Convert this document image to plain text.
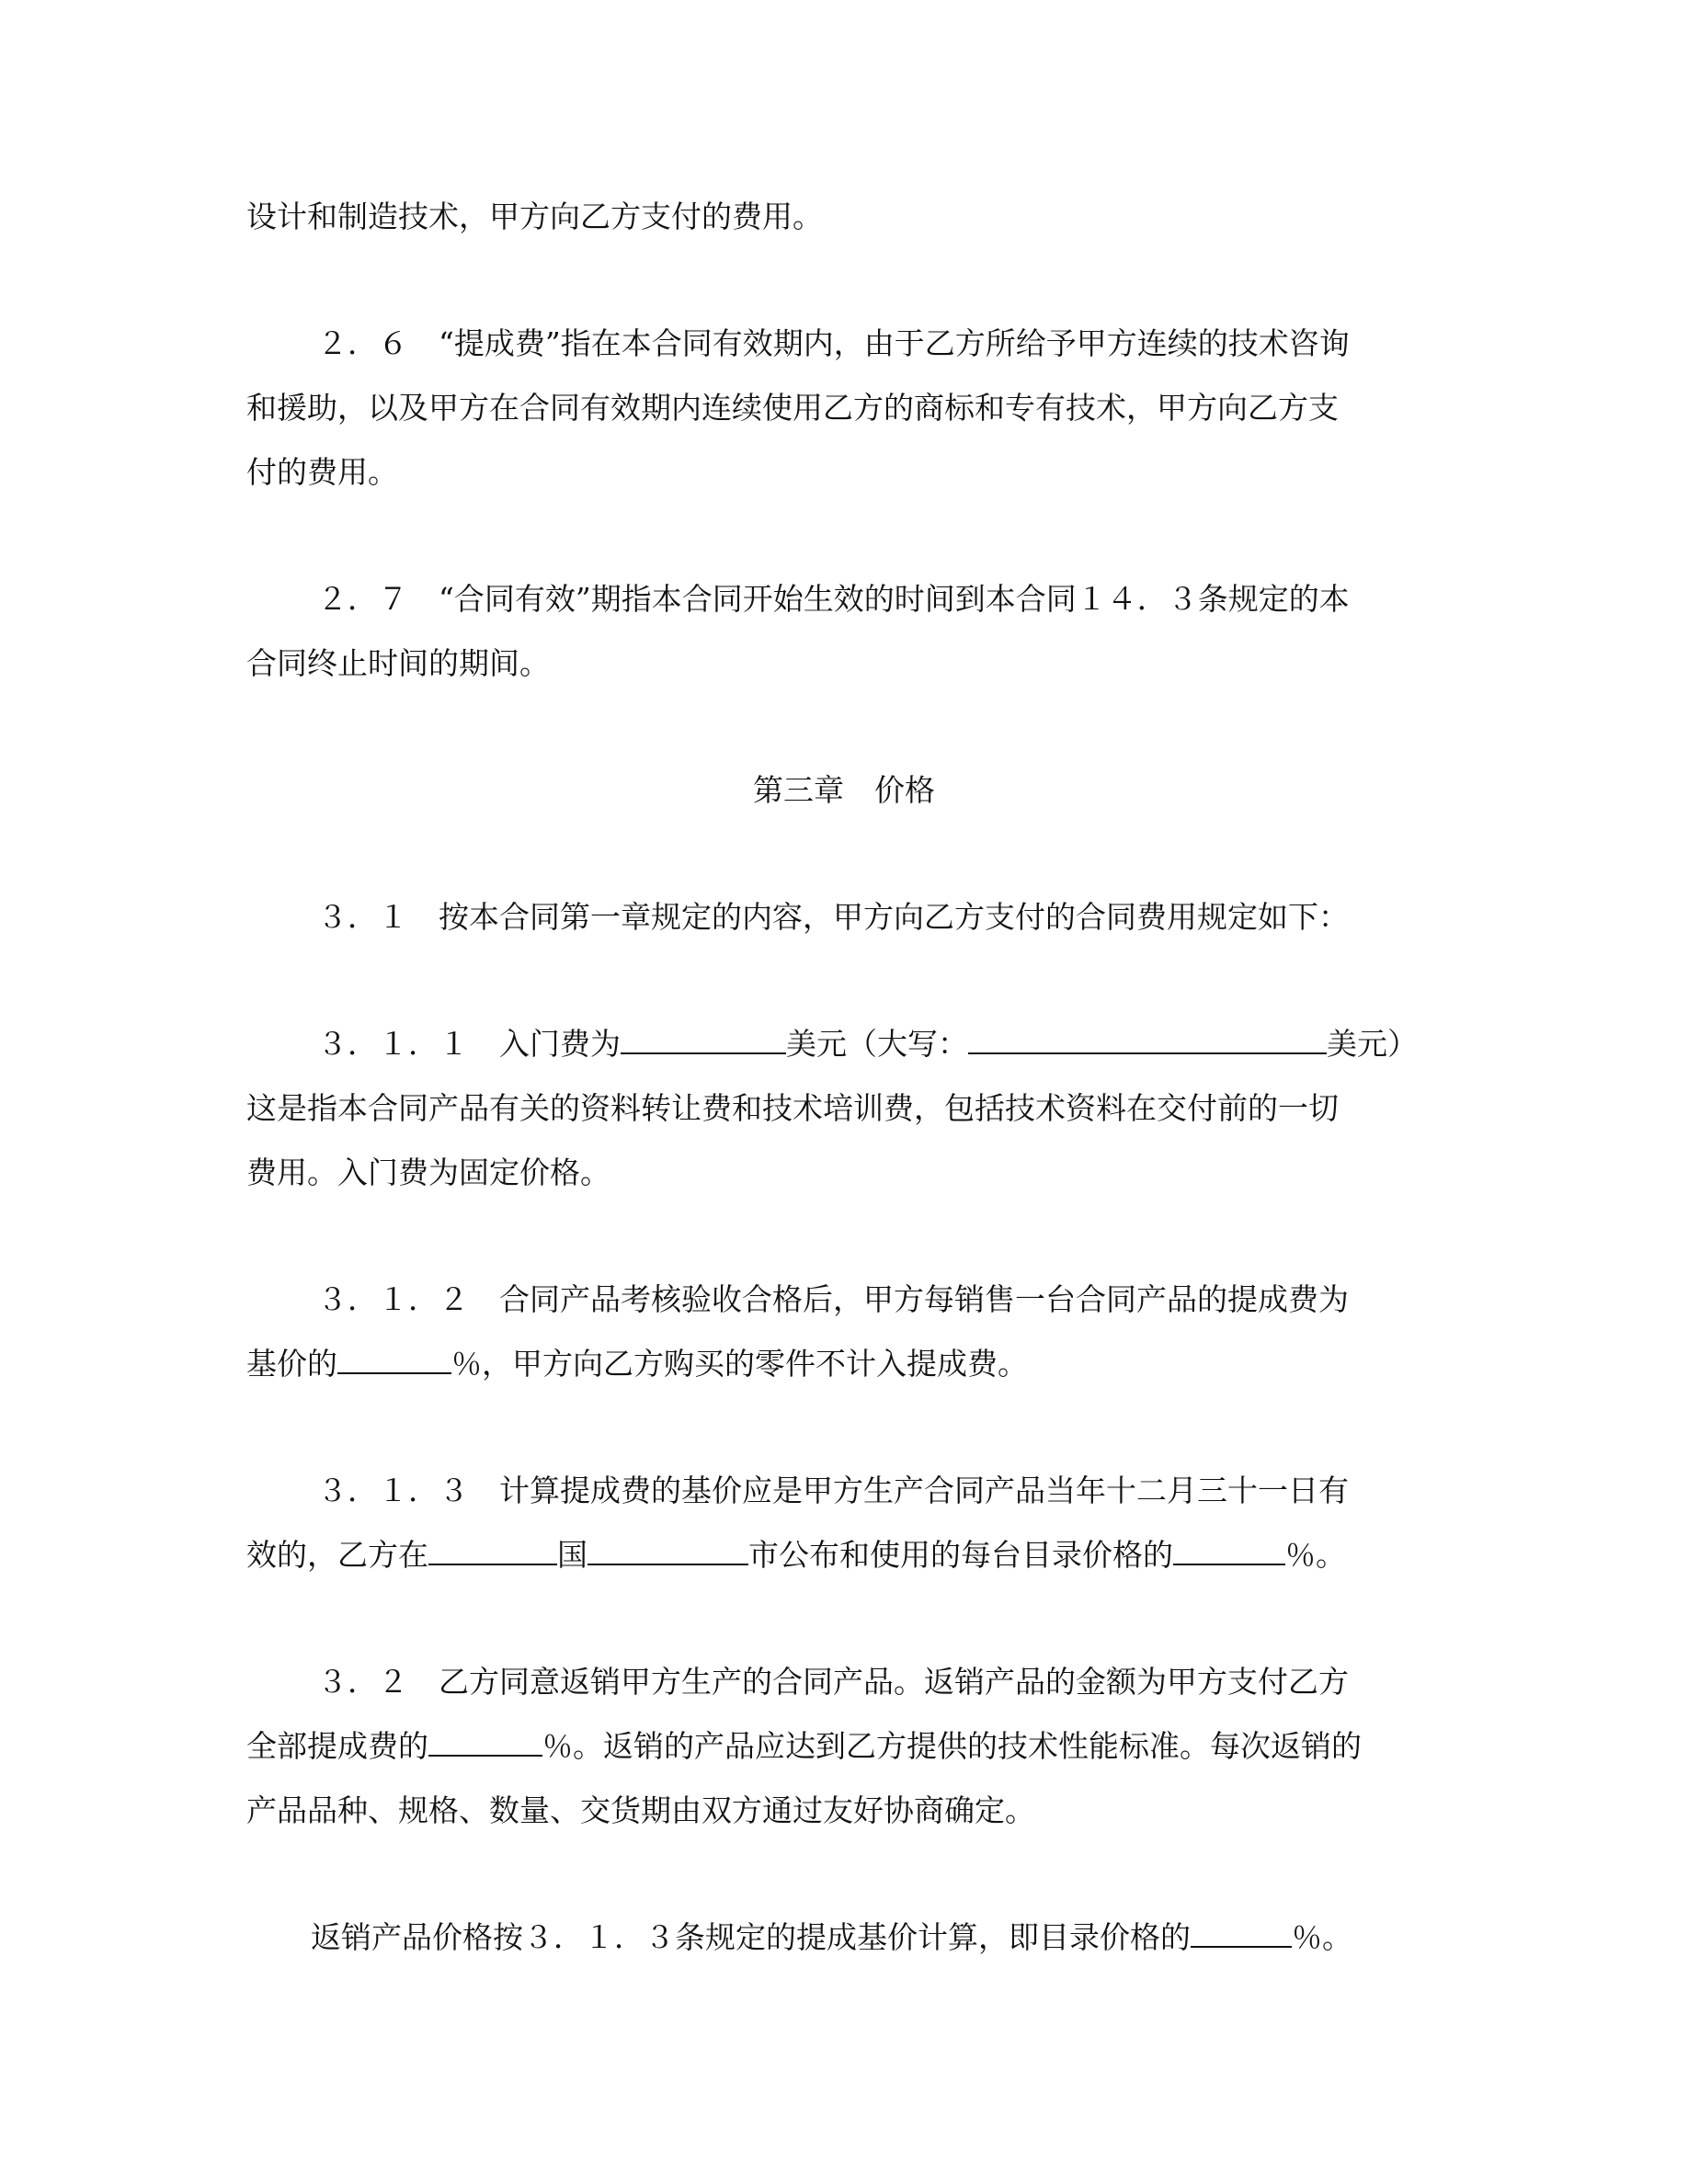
设计和制造技术，甲方向乙方支付的费用。
２．６　“提成费”指在本合同有效期内，由于乙方所给予甲方连续的技术咨询
和援助，以及甲方在合同有效期内连续使用乙方的商标和专有技术，甲方向乙方支
付的费用。
２．７　“合同有效”期指本合同开始生效的时间到本合同１４．３条规定的本
合同终止时间的期间。
第三章　价格
３．１　按本合同第一章规定的内容，甲方向乙方支付的合同费用规定如下：
３．１．１　入门费为	美元（大写：	美元）
这是指本合同产品有关的资料转让费和技术培训费，包括技术资料在交付前的一切
费用。入门费为固定价格。
３．１．２　合同产品考核验收合格后，甲方每销售一台合同产品的提成费为
基价的	％，甲方向乙方购买的零件不计入提成费。
３．１．３　计算提成费的基价应是甲方生产合同产品当年十二月三十一日有
效的，乙方在	国	市公布和使用的每台目录价格的	％。
３．２　乙方同意返销甲方生产的合同产品。返销产品的金额为甲方支付乙方
全部提成费的	％。返销的产品应达到乙方提供的技术性能标准。每次返销的
产品品种、规格、数量、交货期由双方通过友好协商确定。
返销产品价格按３．１．３条规定的提成基价计算，即目录价格的	％。
